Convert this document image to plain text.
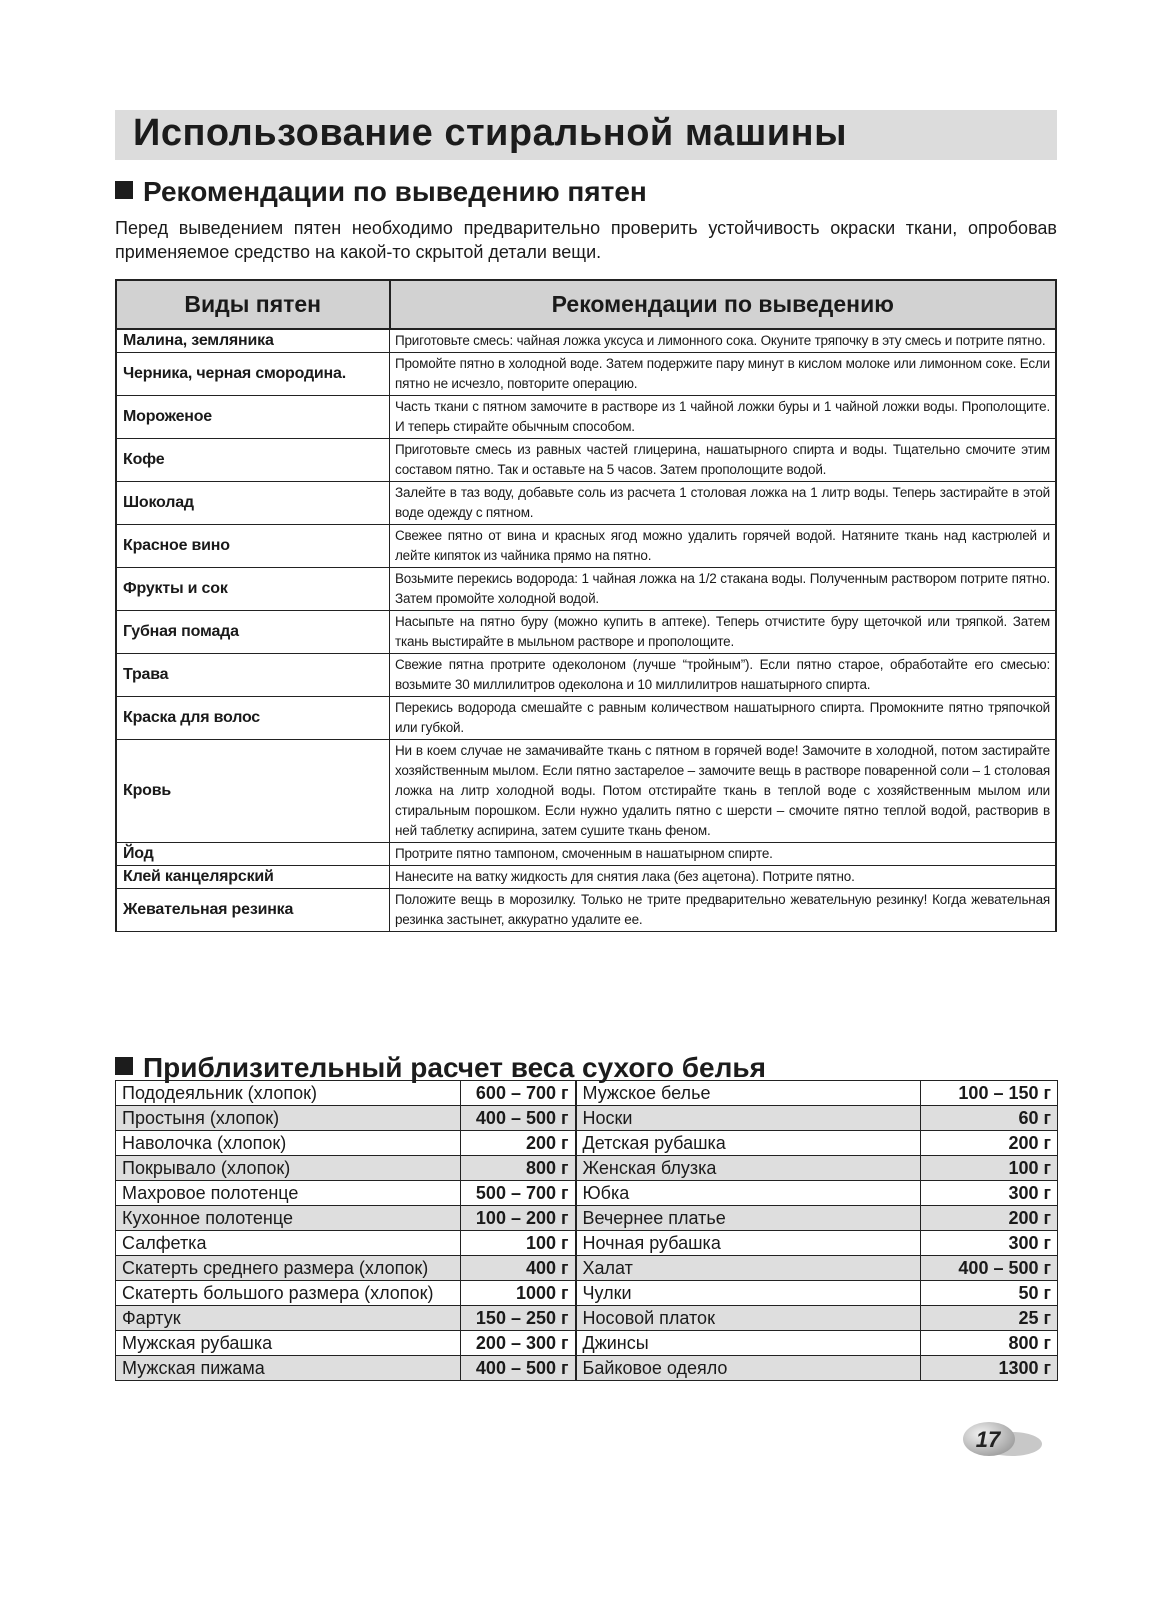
Использование стиральной машины
Рекомендации по выведению пятен

Перед выведением пятен необходимо предварительно проверить устойчивость окраски ткани, опробовав применяемое средство на какой-то скрытой детали вещи.

Виды пятен	Рекомендации по выведению
Малина, земляника	Приготовьте смесь: чайная ложка уксуса и лимонного сока. Окуните тряпочку в эту смесь и потрите пятно.
Черника, черная смородина.	Промойте пятно в холодной воде. Затем подержите пару минут в кислом молоке или лимонном соке. Если пятно не исчезло, повторите операцию.
Мороженое	Часть ткани с пятном замочите в растворе из 1 чайной ложки буры и 1 чайной ложки воды. Прополощите. И теперь стирайте обычным способом.
Кофе	Приготовьте смесь из равных частей глицерина, нашатырного спирта и воды. Тщательно смочите этим составом пятно. Так и оставьте на 5 часов. Затем прополощите водой.
Шоколад	Залейте в таз воду, добавьте соль из расчета 1 столовая ложка на 1 литр воды. Теперь застирайте в этой воде одежду с пятном.
Красное вино	Свежее пятно от вина и красных ягод можно удалить горячей водой. Натяните ткань над кастрюлей и лейте кипяток из чайника прямо на пятно.
Фрукты и сок	Возьмите перекись водорода: 1 чайная ложка на 1/2 стакана воды. Полученным раствором потрите пятно. Затем промойте холодной водой.
Губная помада	Насыпьте на пятно буру (можно купить в аптеке). Теперь отчистите буру щеточкой или тряпкой. Затем ткань выстирайте в мыльном растворе и прополощите.
Трава	Свежие пятна протрите одеколоном (лучше “тройным”). Если пятно старое, обработайте его смесью: возьмите 30 миллилитров одеколона и 10 миллилитров нашатырного спирта.
Краска для волос	Перекись водорода смешайте с равным количеством нашатырного спирта. Промокните пятно тряпочкой или губкой.
Кровь	Ни в коем случае не замачивайте ткань с пятном в горячей воде! Замочите в холодной, потом застирайте хозяйственным мылом. Если пятно застарелое – замочите вещь в растворе поваренной соли – 1 столовая ложка на литр холодной воды. Потом отстирайте ткань в теплой воде с хозяйственным мылом или стиральным порошком. Если нужно удалить пятно с шерсти – смочите пятно теплой водой, растворив в ней таблетку аспирина, затем сушите ткань феном.
Йод	Протрите пятно тампоном, смоченным в нашатырном спирте.
Клей канцелярский	Нанесите на ватку жидкость для снятия лака (без ацетона). Потрите пятно.
Жевательная резинка	Положите вещь в морозилку. Только не трите предварительно жевательную резинку! Когда жевательная резинка застынет, аккуратно удалите ее.
Приблизительный расчет веса сухого белья
Пододеяльник (хлопок)	600 – 700 г	Мужское белье	100 – 150 г
Простыня (хлопок)	400 – 500 г	Носки	60 г
Наволочка (хлопок)	200 г	Детская рубашка	200 г
Покрывало (хлопок)	800 г	Женская блузка	100 г
Махровое полотенце	500 – 700 г	Юбка	300 г
Кухонное полотенце	100 – 200 г	Вечернее платье	200 г
Салфетка	100 г	Ночная рубашка	300 г
Скатерть среднего размера (хлопок)	400 г	Халат	400 – 500 г
Скатерть большого размера (хлопок)	1000 г	Чулки	50 г
Фартук	150 – 250 г	Носовой платок	25 г
Мужская рубашка	200 – 300 г	Джинсы	800 г
Мужская пижама	400 – 500 г	Байковое одеяло	1300 г
17
